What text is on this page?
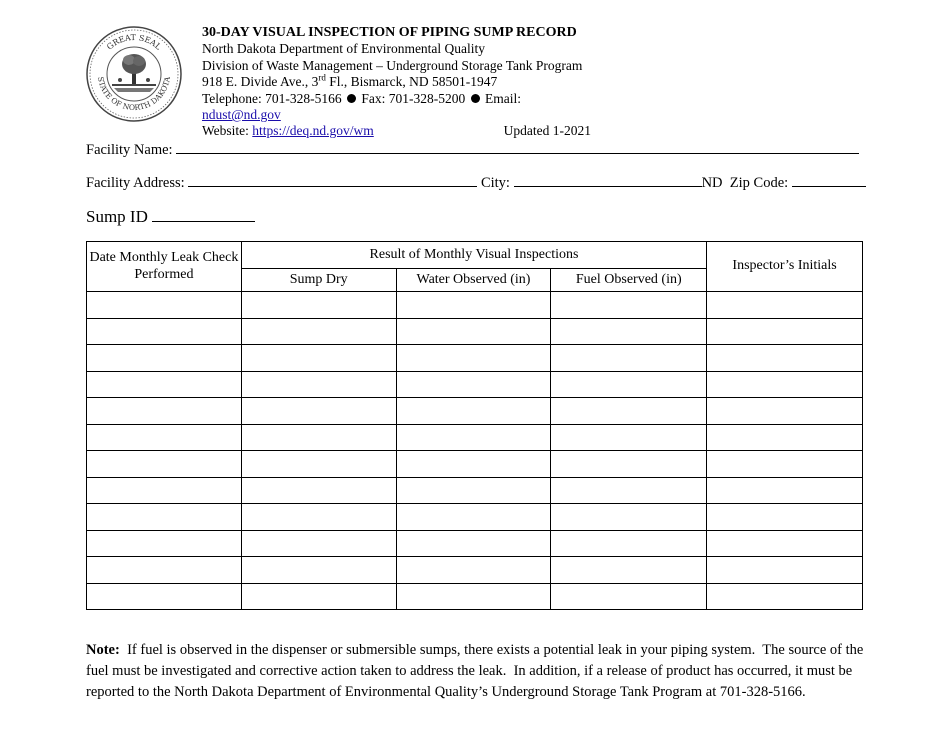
GREAT SEAL
STATE OF NORTH DAKOTA
30-DAY VISUAL INSPECTION OF PIPING SUMP RECORD
North Dakota Department of Environmental Quality
Division of Waste Management – Underground Storage Tank Program
918 E. Divide Ave., 3rd Fl., Bismarck, ND 58501-1947
Telephone: 701-328-5166 Fax: 701-328-5200 Email: ndust@nd.gov
Website: https://deq.nd.gov/wm	Updated 1-2021
Facility Name:
Facility Address:	City:	ND  Zip Code:
Sump ID
Date Monthly Leak Check Performed	Result of Monthly Visual Inspections			Inspector’s Initials
	Sump Dry	Water Observed (in)	Fuel Observed (in)	

Note:  If fuel is observed in the dispenser or submersible sumps, there exists a potential leak in your piping system.  The source of the fuel must be investigated and corrective action taken to address the leak.  In addition, if a release of product has occurred, it must be reported to the North Dakota Department of Environmental Quality’s Underground Storage Tank Program at 701-328-5166.
